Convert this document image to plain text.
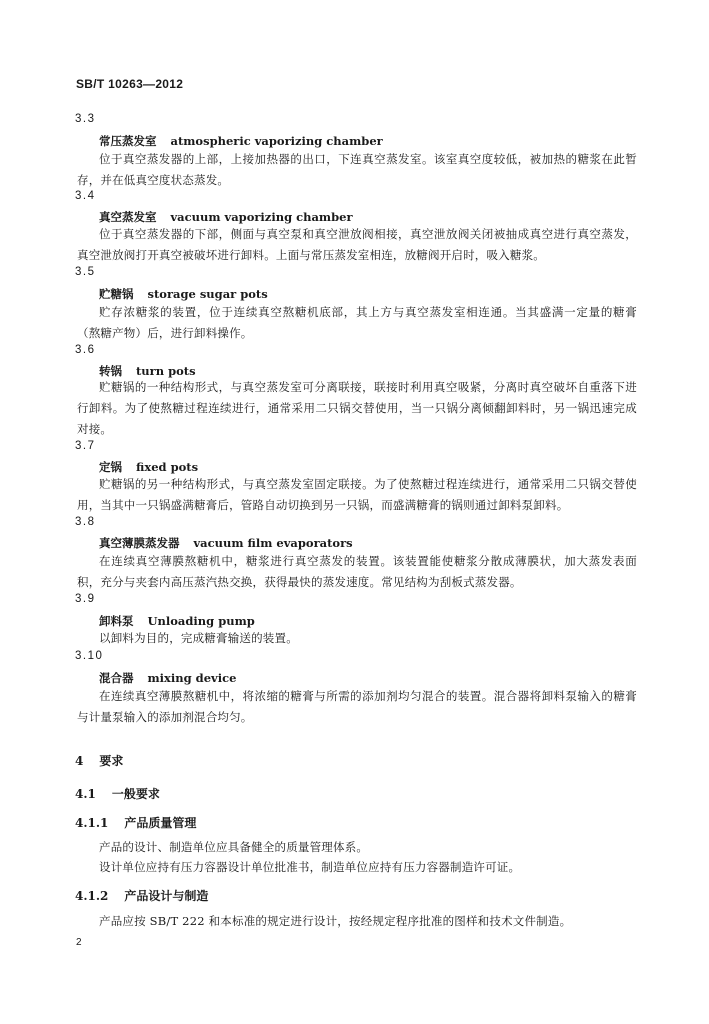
SB/T 10263—2012
3.3
常压蒸发室 atmospheric vaporizing chamber
位于真空蒸发器的上部，上接加热器的出口，下连真空蒸发室。该室真空度较低，被加热的糖浆在此暂存，并在低真空度状态蒸发。
3.4
真空蒸发室 vacuum vaporizing chamber
位于真空蒸发器的下部，侧面与真空泵和真空泄放阀相接，真空泄放阀关闭被抽成真空进行真空蒸发，真空泄放阀打开真空被破坏进行卸料。上面与常压蒸发室相连，放糖阀开启时，吸入糖浆。
3.5
贮糖锅 storage sugar pots
贮存浓糖浆的装置，位于连续真空熬糖机底部，其上方与真空蒸发室相连通。当其盛满一定量的糖膏（熬糖产物）后，进行卸料操作。
3.6
转锅 turn pots
贮糖锅的一种结构形式，与真空蒸发室可分离联接，联接时利用真空吸紧，分离时真空破坏自重落下进行卸料。为了使熬糖过程连续进行，通常采用二只锅交替使用，当一只锅分离倾翻卸料时，另一锅迅速完成对接。
3.7
定锅 fixed pots
贮糖锅的另一种结构形式，与真空蒸发室固定联接。为了使熬糖过程连续进行，通常采用二只锅交替使用，当其中一只锅盛满糖膏后，管路自动切换到另一只锅，而盛满糖膏的锅则通过卸料泵卸料。
3.8
真空薄膜蒸发器 vacuum film evaporators
在连续真空薄膜熬糖机中，糖浆进行真空蒸发的装置。该装置能使糖浆分散成薄膜状，加大蒸发表面积，充分与夹套内高压蒸汽热交换，获得最快的蒸发速度。常见结构为刮板式蒸发器。
3.9
卸料泵 Unloading pump
以卸料为目的，完成糖膏输送的装置。
3.10
混合器 mixing device
在连续真空薄膜熬糖机中，将浓缩的糖膏与所需的添加剂均匀混合的装置。混合器将卸料泵输入的糖膏与计量泵输入的添加剂混合均匀。
4 要求
4.1 一般要求
4.1.1 产品质量管理
产品的设计、制造单位应具备健全的质量管理体系。
设计单位应持有压力容器设计单位批准书，制造单位应持有压力容器制造许可证。
4.1.2 产品设计与制造
产品应按 SB/T 222 和本标准的规定进行设计，按经规定程序批准的图样和技术文件制造。
2
